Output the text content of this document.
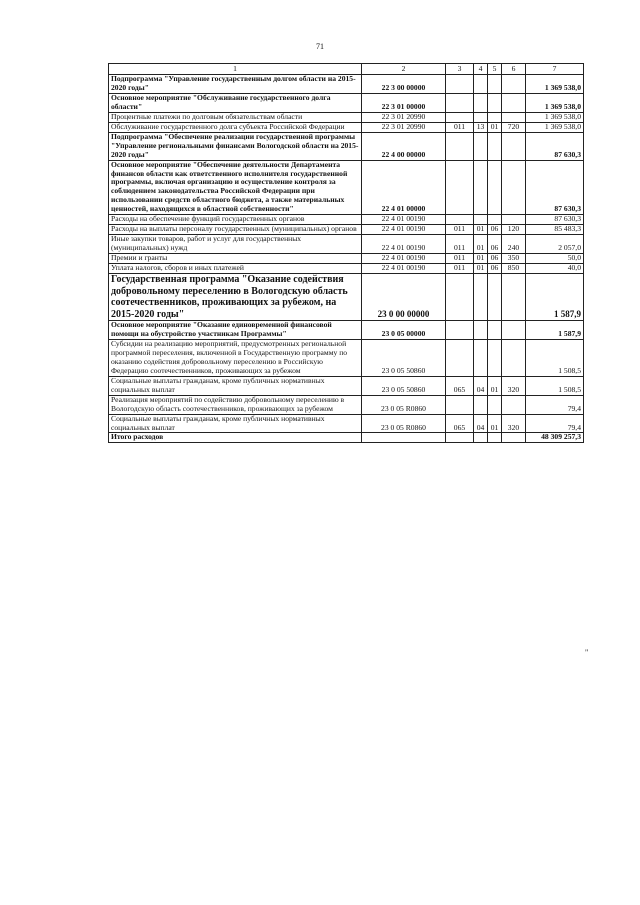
71
1	2	3	4	5	6	7
Подпрограмма "Управление государственным долгом области на 2015-2020 годы"	22 3 00 00000					1 369 538,0
Основное мероприятие "Обслуживание государственного долга области"	22 3 01 00000					1 369 538,0
Процентные платежи по долговым обязательствам области	22 3 01 20990					1 369 538,0
Обслуживание государственного долга субъекта Российской Федерации	22 3 01 20990	011	13	01	720	1 369 538,0
Подпрограмма "Обеспечение реализации государственной программы "Управление региональными финансами Вологодской области на 2015-2020 годы"	22 4 00 00000					87 630,3
Основное мероприятие "Обеспечение деятельности Департамента финансов области как ответственного исполнителя государственной программы, включая организацию и осуществление контроля за соблюдением законодательства Российской Федерации при использовании средств областного бюджета, а также материальных ценностей, находящихся в областной собственности"	22 4 01 00000					87 630,3
Расходы на обеспечение функций государственных органов	22 4 01 00190					87 630,3
Расходы на выплаты персоналу государственных (муниципальных) органов	22 4 01 00190	011	01	06	120	85 483,3
Иные закупки товаров, работ и услуг для государственных (муниципальных) нужд	22 4 01 00190	011	01	06	240	2 057,0
Премии и гранты	22 4 01 00190	011	01	06	350	50,0
Уплата налогов, сборов и иных платежей	22 4 01 00190	011	01	06	850	40,0
Государственная программа "Оказание содействия добровольному переселению в Вологодскую область соотечественников, проживающих за рубежом, на 2015-2020 годы"	23 0 00 00000					1 587,9
Основное мероприятие "Оказание единовременной финансовой помощи на обустройство участникам Программы"	23 0 05 00000					1 587,9
Субсидии на реализацию мероприятий, предусмотренных региональной программой переселения, включенной в Государственную программу по оказанию содействия добровольному переселению в Российскую Федерацию соотечественников, проживающих за рубежом	23 0 05 50860					1 508,5
Социальные выплаты гражданам, кроме публичных нормативных социальных выплат	23 0 05 50860	065	04	01	320	1 508,5
Реализация мероприятий по содействию добровольному переселению в Вологодскую область соотечественников, проживающих за рубежом	23 0 05 R0860					79,4
Социальные выплаты гражданам, кроме публичных нормативных социальных выплат	23 0 05 R0860	065	04	01	320	79,4
Итого расходов						48 309 257,3
"
